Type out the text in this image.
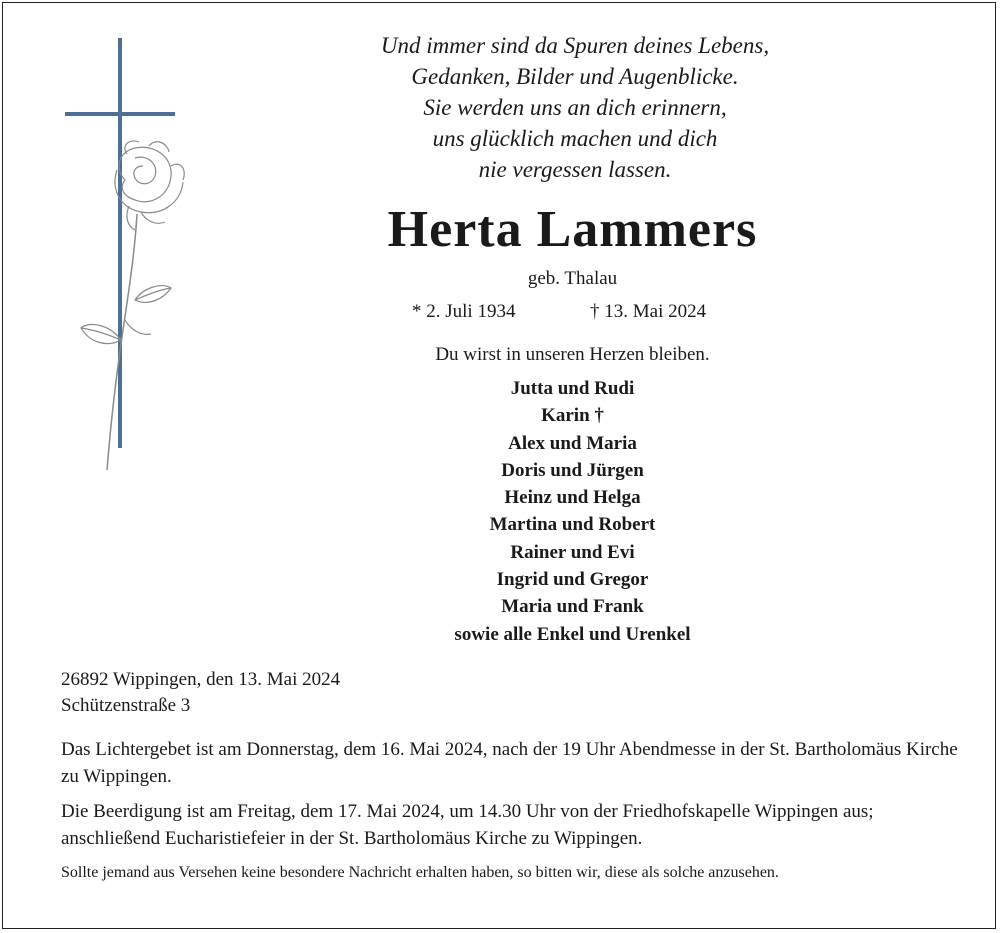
Und immer sind da Spuren deines Lebens,
Gedanken, Bilder und Augenblicke.
Sie werden uns an dich erinnern,
uns glücklich machen und dich
nie vergessen lassen.
Herta Lammers
geb. Thalau
* 2. Juli 1934	† 13. Mai 2024
Du wirst in unseren Herzen bleiben.
Jutta und Rudi
Karin †
Alex und Maria
Doris und Jürgen
Heinz und Helga
Martina und Robert
Rainer und Evi
Ingrid und Gregor
Maria und Frank
sowie alle Enkel und Urenkel
26892 Wippingen, den 13. Mai 2024
Schützenstraße 3
Das Lichtergebet ist am Donnerstag, dem 16. Mai 2024, nach der 19 Uhr Abendmesse in der St. Bartholomäus Kirche zu Wippingen.
Die Beerdigung ist am Freitag, dem 17. Mai 2024, um 14.30 Uhr von der Friedhofskapelle Wippingen aus; anschließend Eucharistiefeier in der St. Bartholomäus Kirche zu Wippingen.
Sollte jemand aus Versehen keine besondere Nachricht erhalten haben, so bitten wir, diese als solche anzusehen.
